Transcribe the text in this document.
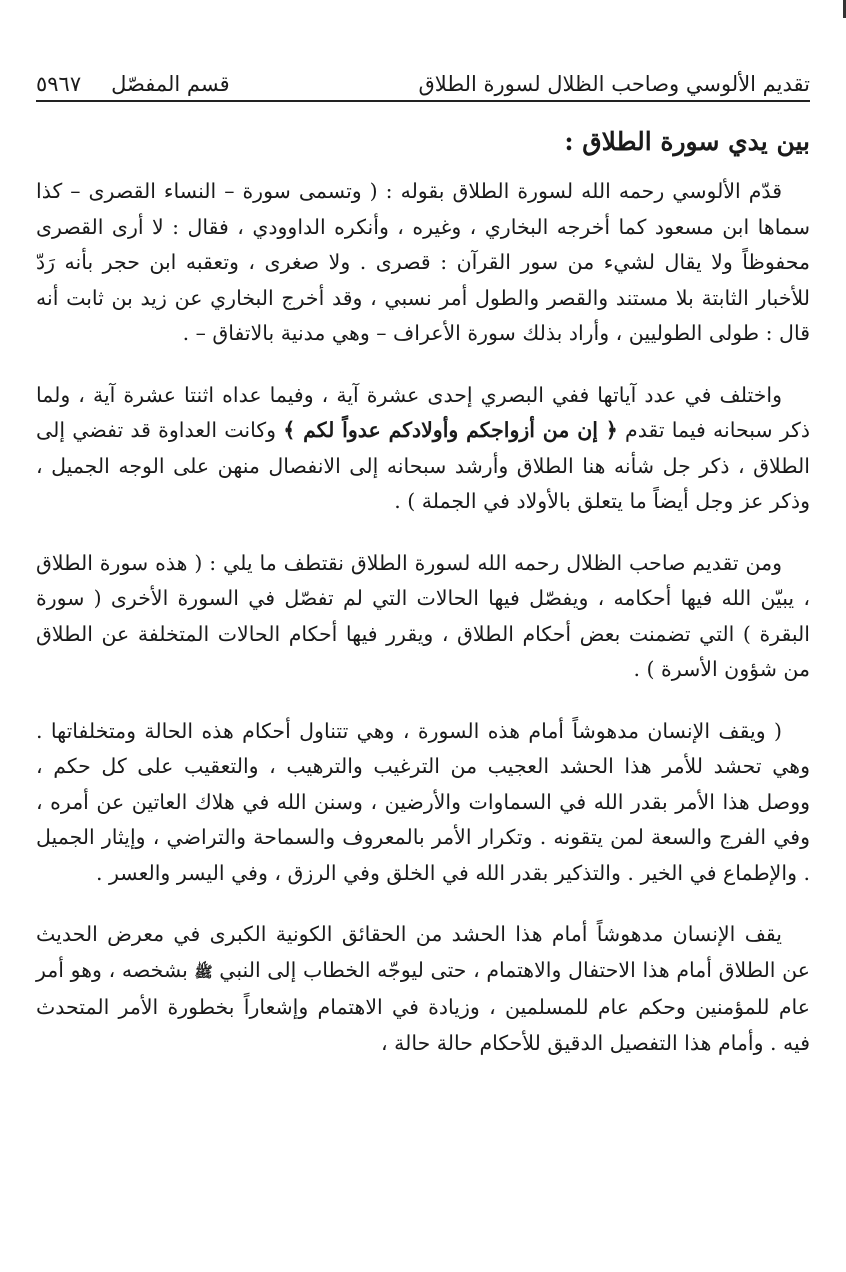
تقديم الألوسي وصاحب الظلال لسورة الطلاق
قسم المفصّل
٥٩٦٧
بين يدي سورة الطلاق :

قدّم الألوسي رحمه الله لسورة الطلاق بقوله : ( وتسمى سورة – النساء القصرى – كذا سماها ابن مسعود كما أخرجه البخاري ، وغيره ، وأنكره الداوودي ، فقال : لا أرى القصرى محفوظاً ولا يقال لشيء من سور القرآن : قصرى . ولا صغرى ، وتعقبه ابن حجر بأنه رَدّ للأخبار الثابتة بلا مستند والقصر والطول أمر نسبي ، وقد أخرج البخاري عن زيد بن ثابت أنه قال : طولى الطوليين ، وأراد بذلك سورة الأعراف – وهي مدنية بالاتفاق – .

واختلف في عدد آياتها ففي البصري إحدى عشرة آية ، وفيما عداه اثنتا عشرة آية ، ولما ذكر سبحانه فيما تقدم ﴿ إن من أزواجكم وأولادكم عدواً لكم ﴾ وكانت العداوة قد تفضي إلى الطلاق ، ذكر جل شأنه هنا الطلاق وأرشد سبحانه إلى الانفصال منهن على الوجه الجميل ، وذكر عز وجل أيضاً ما يتعلق بالأولاد في الجملة ) .

ومن تقديم صاحب الظلال رحمه الله لسورة الطلاق نقتطف ما يلي : ( هذه سورة الطلاق ، يبيّن الله فيها أحكامه ، ويفصّل فيها الحالات التي لم تفصّل في السورة الأخرى ( سورة البقرة ) التي تضمنت بعض أحكام الطلاق ، ويقرر فيها أحكام الحالات المتخلفة عن الطلاق من شؤون الأسرة ) .

( ويقف الإنسان مدهوشاً أمام هذه السورة ، وهي تتناول أحكام هذه الحالة ومتخلفاتها . وهي تحشد للأمر هذا الحشد العجيب من الترغيب والترهيب ، والتعقيب على كل حكم ، ووصل هذا الأمر بقدر الله في السماوات والأرضين ، وسنن الله في هلاك العاتين عن أمره ، وفي الفرج والسعة لمن يتقونه . وتكرار الأمر بالمعروف والسماحة والتراضي ، وإيثار الجميل . والإطماع في الخير . والتذكير بقدر الله في الخلق وفي الرزق ، وفي اليسر والعسر .

يقف الإنسان مدهوشاً أمام هذا الحشد من الحقائق الكونية الكبرى في معرض الحديث عن الطلاق أمام هذا الاحتفال والاهتمام ، حتى ليوجّه الخطاب إلى النبي ﷺ بشخصه ، وهو أمر عام للمؤمنين وحكم عام للمسلمين ، وزيادة في الاهتمام وإشعاراً بخطورة الأمر المتحدث فيه . وأمام هذا التفصيل الدقيق للأحكام حالة حالة ،
